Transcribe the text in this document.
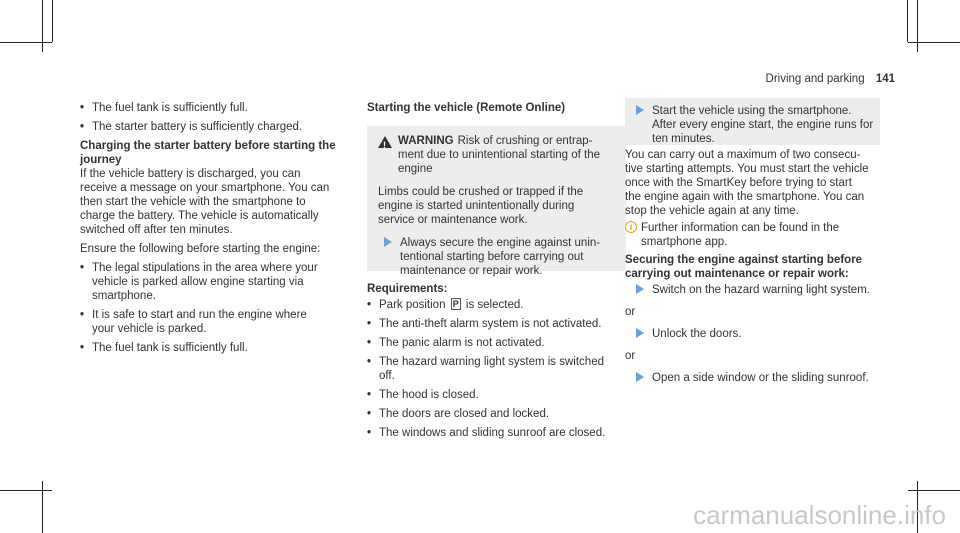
Driving and parking 141
• The fuel tank is sufficiently full.
• The starter battery is sufficiently charged.
Charging the starter battery before starting the journey
If the vehicle battery is discharged, you can
receive a message on your smartphone. You can
then start the vehicle with the smartphone to
charge the battery. The vehicle is automatically
switched off after ten minutes.
Ensure the following before starting the engine:
• The legal stipulations in the area where your
vehicle is parked allow engine starting via
smartphone.
• It is safe to start and run the engine where
your vehicle is parked.
• The fuel tank is sufficiently full.
Starting the vehicle (Remote Online)
!
WARNING Risk of crushing or entrap-
ment due to unintentional starting of the
engine
Limbs could be crushed or trapped if the
engine is started unintentionally during
service or maintenance work.
Always secure the engine against unin-
tentional starting before carrying out
maintenance or repair work.
Requirements:
• Park position P is selected.
• The anti-theft alarm system is not activated.
• The panic alarm is not activated.
• The hazard warning light system is switched
off.
• The hood is closed.
• The doors are closed and locked.
• The windows and sliding sunroof are closed.
Start the vehicle using the smartphone.
After every engine start, the engine runs for
ten minutes.
You can carry out a maximum of two consecu-
tive starting attempts. You must start the vehicle
once with the SmartKey before trying to start
the engine again with the smartphone. You can
stop the vehicle again at any time.
i Further information can be found in the
smartphone app.
Securing the engine against starting before carrying out maintenance or repair work:
Switch on the hazard warning light system.
or
Unlock the doors.
or
Open a side window or the sliding sunroof.
carmanualsonline.info
